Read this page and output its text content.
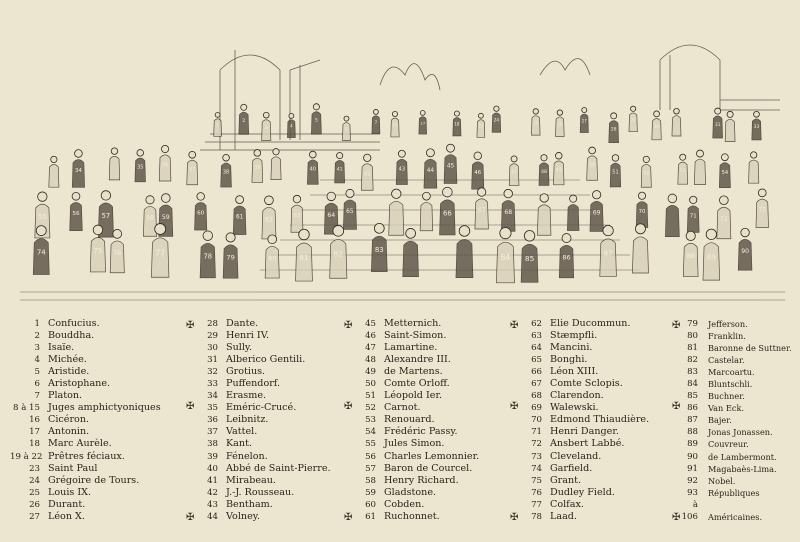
1
2
3	4
5
6
7
16	17	18	23
24
25	26
27
28
29
30	31	33
34
35	36
37	38
39	40	41
42
43	44
45
46	47	48 49
50
51	52
53	54
55	56	57	58 59
60
61	62
63	64 65	66	67	68	69	70
71	72
73
74	75 76	77	78 79	80	81	82	83
84 85	86
87	88 89
90
1 Confucius.
2 Bouddha.
3 Isaïe.
4 Michée.
5 Aristide.
6 Aristophane.
7 Platon.
8 à 15 Juges amphictyoniques
16 Cicéron.
17 Antonin.
18 Marc Aurèle.
19 à 22 Prêtres féciaux.
23 Saint Paul
24 Grégoire de Tours.
25 Louis IX.
26 Durant.
27 Léon X.
✠
✠
✠
28 Dante.
29 Henri IV.
30 Sully.
31 Alberico Gentili.
32 Grotius.
33 Puffendorf.
34 Erasme.
35 Eméric-Crucé.
36 Leibnitz.
37 Vattel.
38 Kant.
39 Fénelon.
40 Abbé de Saint-Pierre.
41 Mirabeau.
42 J.-J. Rousseau.
43 Bentham.
44 Volney.
✠
✠
✠
45 Metternich.
46 Saint-Simon.
47 Lamartine.
48 Alexandre III.
49 de Martens.
50 Comte Orloff.
51 Léopold Ier.
52 Carnot.
53 Renouard.
54 Frédéric Passy.
55 Jules Simon.
56 Charles Lemonnier.
57 Baron de Courcel.
58 Henry Richard.
59 Gladstone.
60 Cobden.
61 Ruchonnet.
✠
✠
✠
62 Elie Ducommun.
63 Stæmpfli.
64 Mancini.
65 Bonghi.
66 Léon XIII.
67 Comte Sclopis.
68 Clarendon.
69 Walewski.
70 Edmond Thiaudière.
71 Henri Danger.
72 Ansbert Labbé.
73 Cleveland.
74 Garfield.
75 Grant.
76 Dudley Field.
77 Colfax.
78 Laad.
✠
✠
✠
79	Jefferson.
80	Franklin.
81	Baronne de Suttner.
82	Castelar.
83	Marcoartu.
84	Bluntschli.
85	Buchner.
86	Van Eck.
87	Bajer.
88	Jonas Jonassen.
89	Couvreur.
90	de Lambermont.
91	Magabaès-Lima.
92	Nobel.
93	Républiques
à
106	Américaines.
